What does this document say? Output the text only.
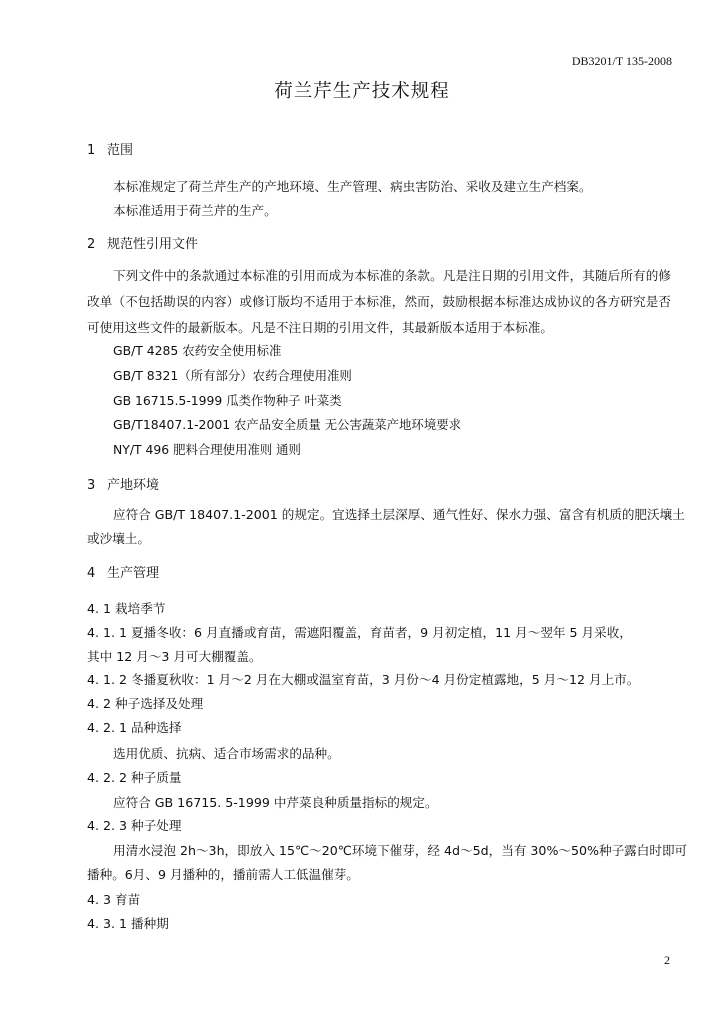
DB3201/T 135-2008
荷兰芹生产技术规程
1 范围
本标准规定了荷兰芹生产的产地环境、生产管理、病虫害防治、采收及建立生产档案。
本标准适用于荷兰芹的生产。
2 规范性引用文件
下列文件中的条款通过本标准的引用而成为本标准的条款。凡是注日期的引用文件，其随后所有的修
改单（不包括勘误的内容）或修订版均不适用于本标准，然而，鼓励根据本标准达成协议的各方研究是否
可使用这些文件的最新版本。凡是不注日期的引用文件，其最新版本适用于本标准。
GB/T 4285 农药安全使用标准
GB/T 8321（所有部分）农药合理使用准则
GB 16715.5-1999 瓜类作物种子 叶菜类
GB/T18407.1-2001 农产品安全质量 无公害蔬菜产地环境要求
NY/T 496 肥料合理使用准则 通则
3 产地环境
应符合 GB/T 18407.1-2001 的规定。宜选择土层深厚、通气性好、保水力强、富含有机质的肥沃壤土
或沙壤土。
4 生产管理
4. 1 栽培季节
4. 1. 1 夏播冬收：6 月直播或育苗，需遮阳覆盖，育苗者，9 月初定植，11 月～翌年 5 月采收，
其中 12 月～3 月可大棚覆盖。
4. 1. 2 冬播夏秋收：1 月～2 月在大棚或温室育苗，3 月份～4 月份定植露地，5 月～12 月上市。
4. 2 种子选择及处理
4. 2. 1 品种选择
选用优质、抗病、适合市场需求的品种。
4. 2. 2 种子质量
应符合 GB 16715. 5-1999 中芹菜良种质量指标的规定。
4. 2. 3 种子处理
用清水浸泡 2h～3h，即放入 15℃～20℃环境下催芽，经 4d～5d，当有 30%～50%种子露白时即可
播种。6月、9 月播种的，播前需人工低温催芽。
4. 3 育苗
4. 3. 1 播种期
2
